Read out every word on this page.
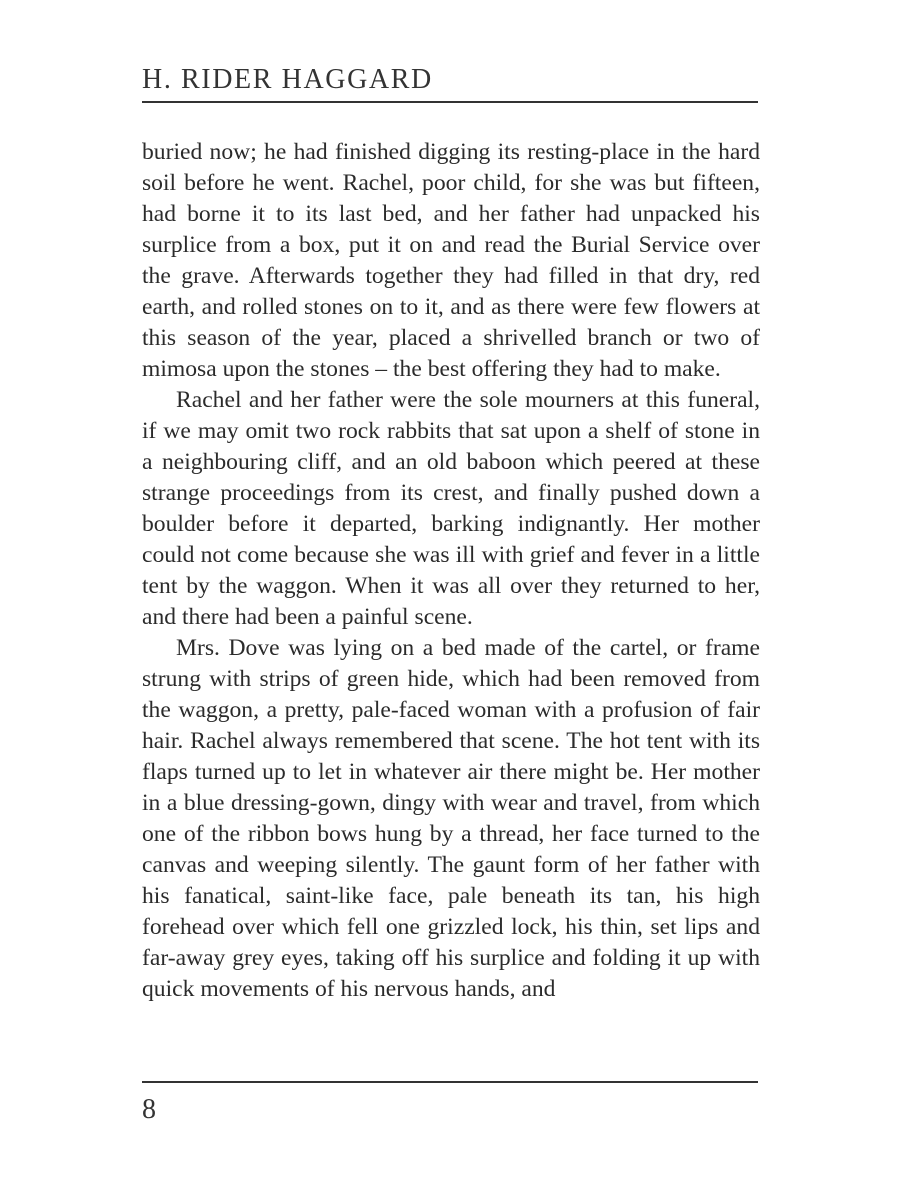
H. RIDER HAGGARD

buried now; he had finished digging its resting-place in the hard soil before he went. Rachel, poor child, for she was but fifteen, had borne it to its last bed, and her father had unpacked his surplice from a box, put it on and read the Burial Service over the grave. Afterwards together they had filled in that dry, red earth, and rolled stones on to it, and as there were few flowers at this season of the year, placed a shrivelled branch or two of mimosa upon the stones – the best offering they had to make.

Rachel and her father were the sole mourners at this funeral, if we may omit two rock rabbits that sat upon a shelf of stone in a neighbouring cliff, and an old baboon which peered at these strange proceedings from its crest, and finally pushed down a boulder before it departed, barking indignantly. Her mother could not come because she was ill with grief and fever in a little tent by the waggon. When it was all over they returned to her, and there had been a painful scene.

Mrs. Dove was lying on a bed made of the cartel, or frame strung with strips of green hide, which had been removed from the waggon, a pretty, pale-faced woman with a profusion of fair hair. Rachel always remembered that scene. The hot tent with its flaps turned up to let in whatever air there might be. Her mother in a blue dressing-gown, dingy with wear and travel, from which one of the ribbon bows hung by a thread, her face turned to the canvas and weeping silently. The gaunt form of her father with his fanatical, saint-like face, pale beneath its tan, his high forehead over which fell one grizzled lock, his thin, set lips and far-away grey eyes, taking off his surplice and folding it up with quick movements of his nervous hands, and

8
